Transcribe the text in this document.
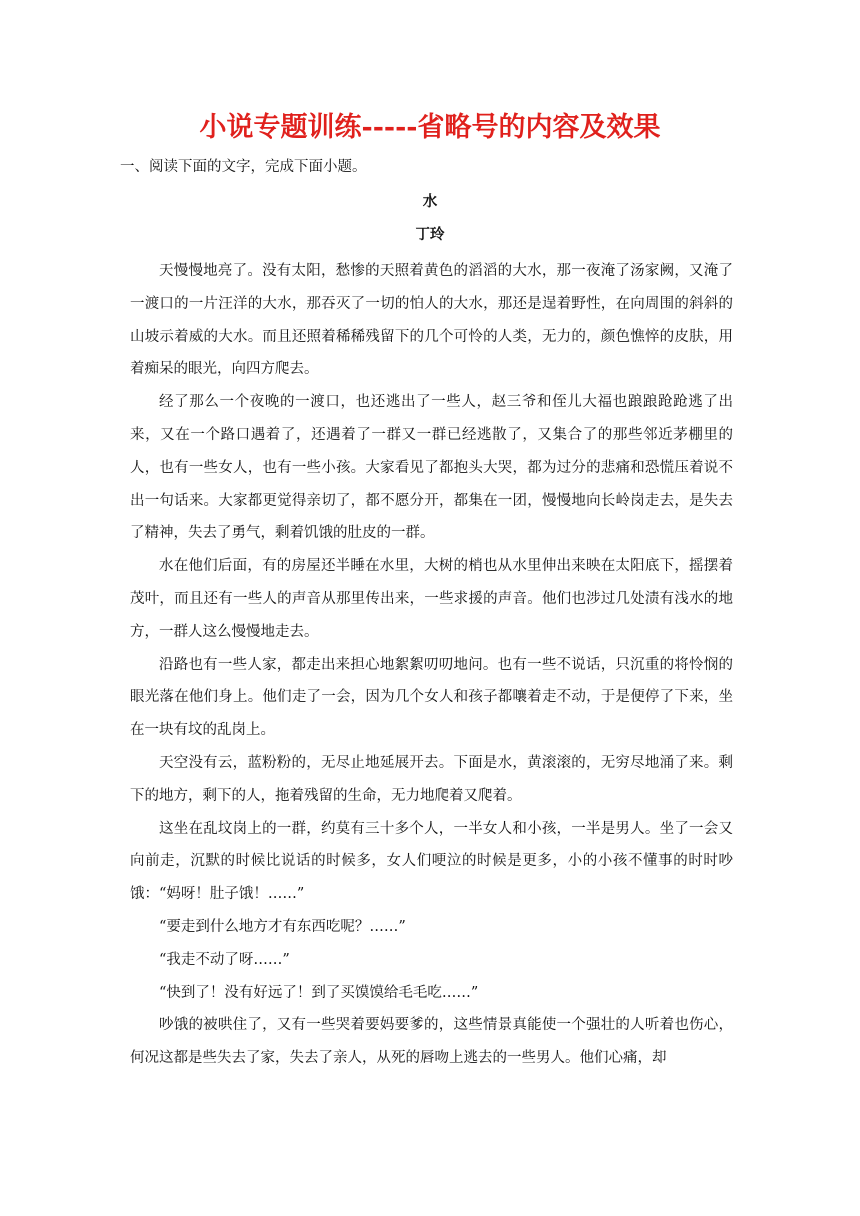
小说专题训练-----省略号的内容及效果
一、阅读下面的文字，完成下面小题。
水
丁玲

天慢慢地亮了。没有太阳，愁惨的天照着黄色的滔滔的大水，那一夜淹了汤家阙，又淹了一渡口的一片汪洋的大水，那吞灭了一切的怕人的大水，那还是逞着野性，在向周围的斜斜的山坡示着威的大水。而且还照着稀稀残留下的几个可怜的人类，无力的，颜色憔悴的皮肤，用着痴呆的眼光，向四方爬去。

经了那么一个夜晚的一渡口，也还逃出了一些人，赵三爷和侄儿大福也踉踉跄跄逃了出来，又在一个路口遇着了，还遇着了一群又一群已经逃散了，又集合了的那些邻近茅棚里的人，也有一些女人，也有一些小孩。大家看见了都抱头大哭，都为过分的悲痛和恐慌压着说不出一句话来。大家都更觉得亲切了，都不愿分开，都集在一团，慢慢地向长岭岗走去，是失去了精神，失去了勇气，剩着饥饿的肚皮的一群。

水在他们后面，有的房屋还半睡在水里，大树的梢也从水里伸出来映在太阳底下，摇摆着茂叶，而且还有一些人的声音从那里传出来，一些求援的声音。他们也涉过几处渍有浅水的地方，一群人这么慢慢地走去。

沿路也有一些人家，都走出来担心地絮絮叨叨地问。也有一些不说话，只沉重的将怜悯的眼光落在他们身上。他们走了一会，因为几个女人和孩子都嚷着走不动，于是便停了下来，坐在一块有坟的乱岗上。

天空没有云，蓝粉粉的，无尽止地延展开去。下面是水，黄滚滚的，无穷尽地涌了来。剩下的地方，剩下的人，拖着残留的生命，无力地爬着又爬着。

这坐在乱坟岗上的一群，约莫有三十多个人，一半女人和小孩，一半是男人。坐了一会又向前走，沉默的时候比说话的时候多，女人们哽泣的时候是更多，小的小孩不懂事的时时吵饿：“妈呀！肚子饿！……”

“要走到什么地方才有东西吃呢？……”

“我走不动了呀……”

“快到了！没有好远了！到了买馍馍给毛毛吃……”

吵饿的被哄住了，又有一些哭着要妈要爹的，这些情景真能使一个强壮的人听着也伤心，何况这都是些失去了家，失去了亲人，从死的唇吻上逃去的一些男人。他们心痛，却
